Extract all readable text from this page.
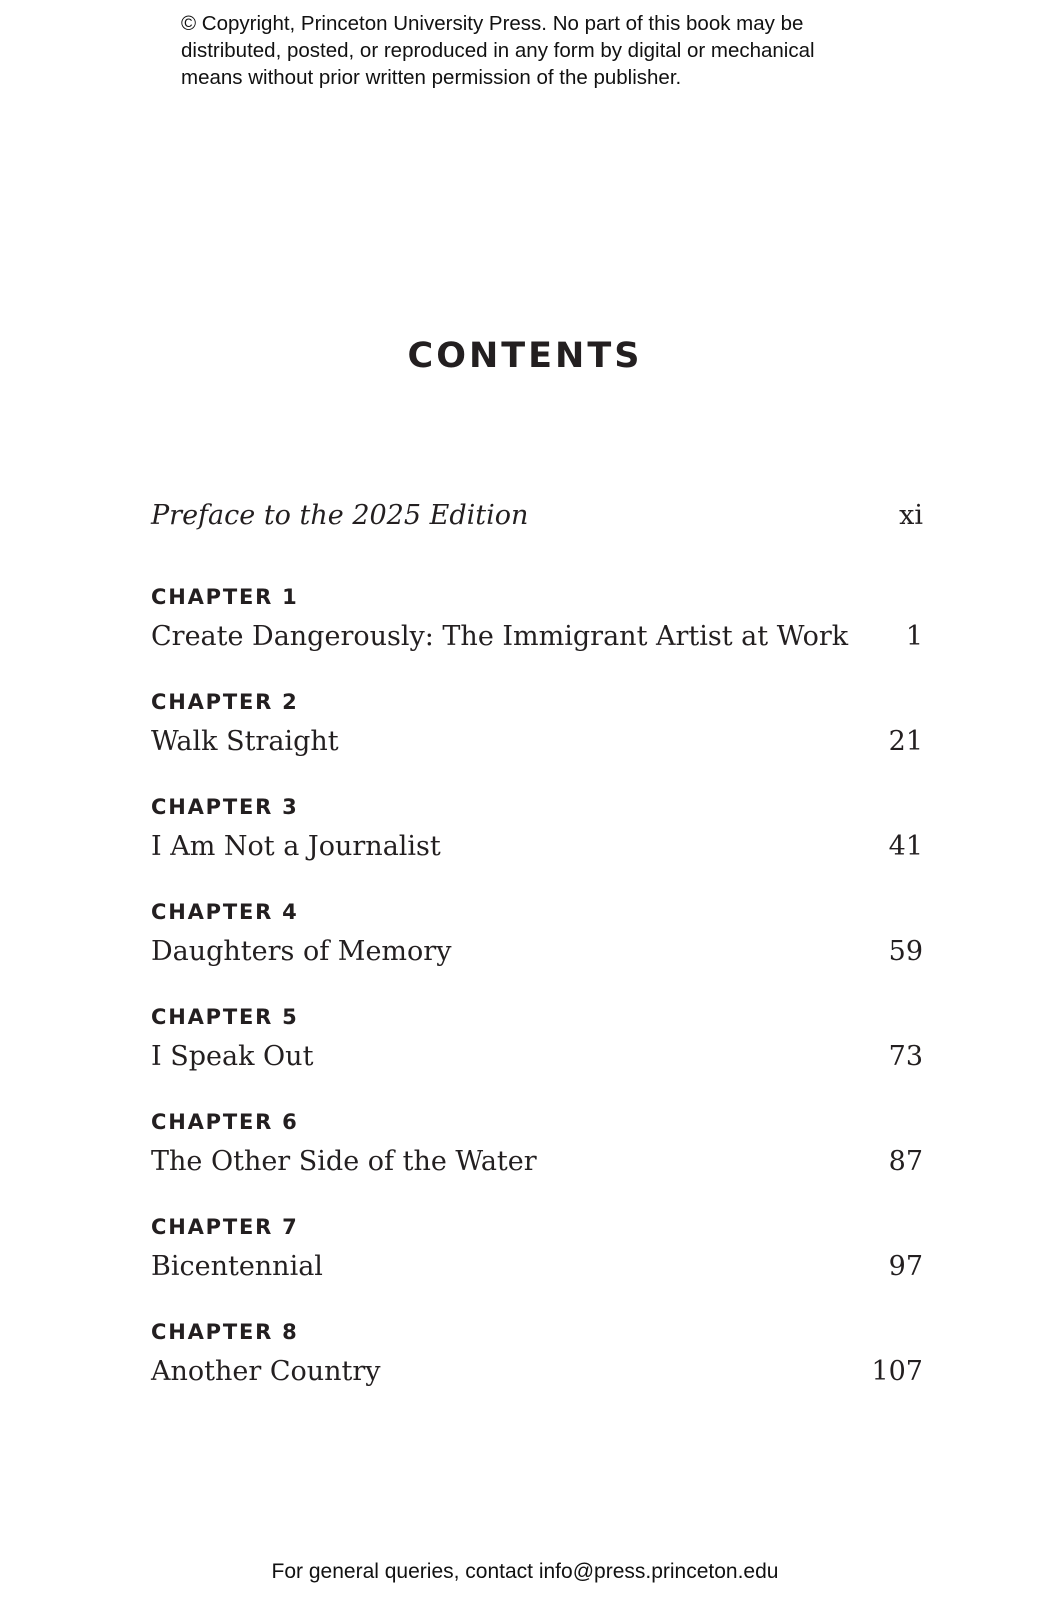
© Copyright, Princeton University Press. No part of this book may be
distributed, posted, or reproduced in any form by digital or mechanical
means without prior written permission of the publisher.
CONTENTS
Preface to the 2025 Edition	xi
CHAPTER 1
Create Dangerously: The Immigrant Artist at Work 1
CHAPTER 2
Walk Straight	21
CHAPTER 3
I Am Not a Journalist	41
CHAPTER 4
Daughters of Memory	59
CHAPTER 5
I Speak Out	73
CHAPTER 6
The Other Side of the Water	87
CHAPTER 7
Bicentennial	97
CHAPTER 8
Another Country	107
For general queries, contact info@press.princeton.edu
